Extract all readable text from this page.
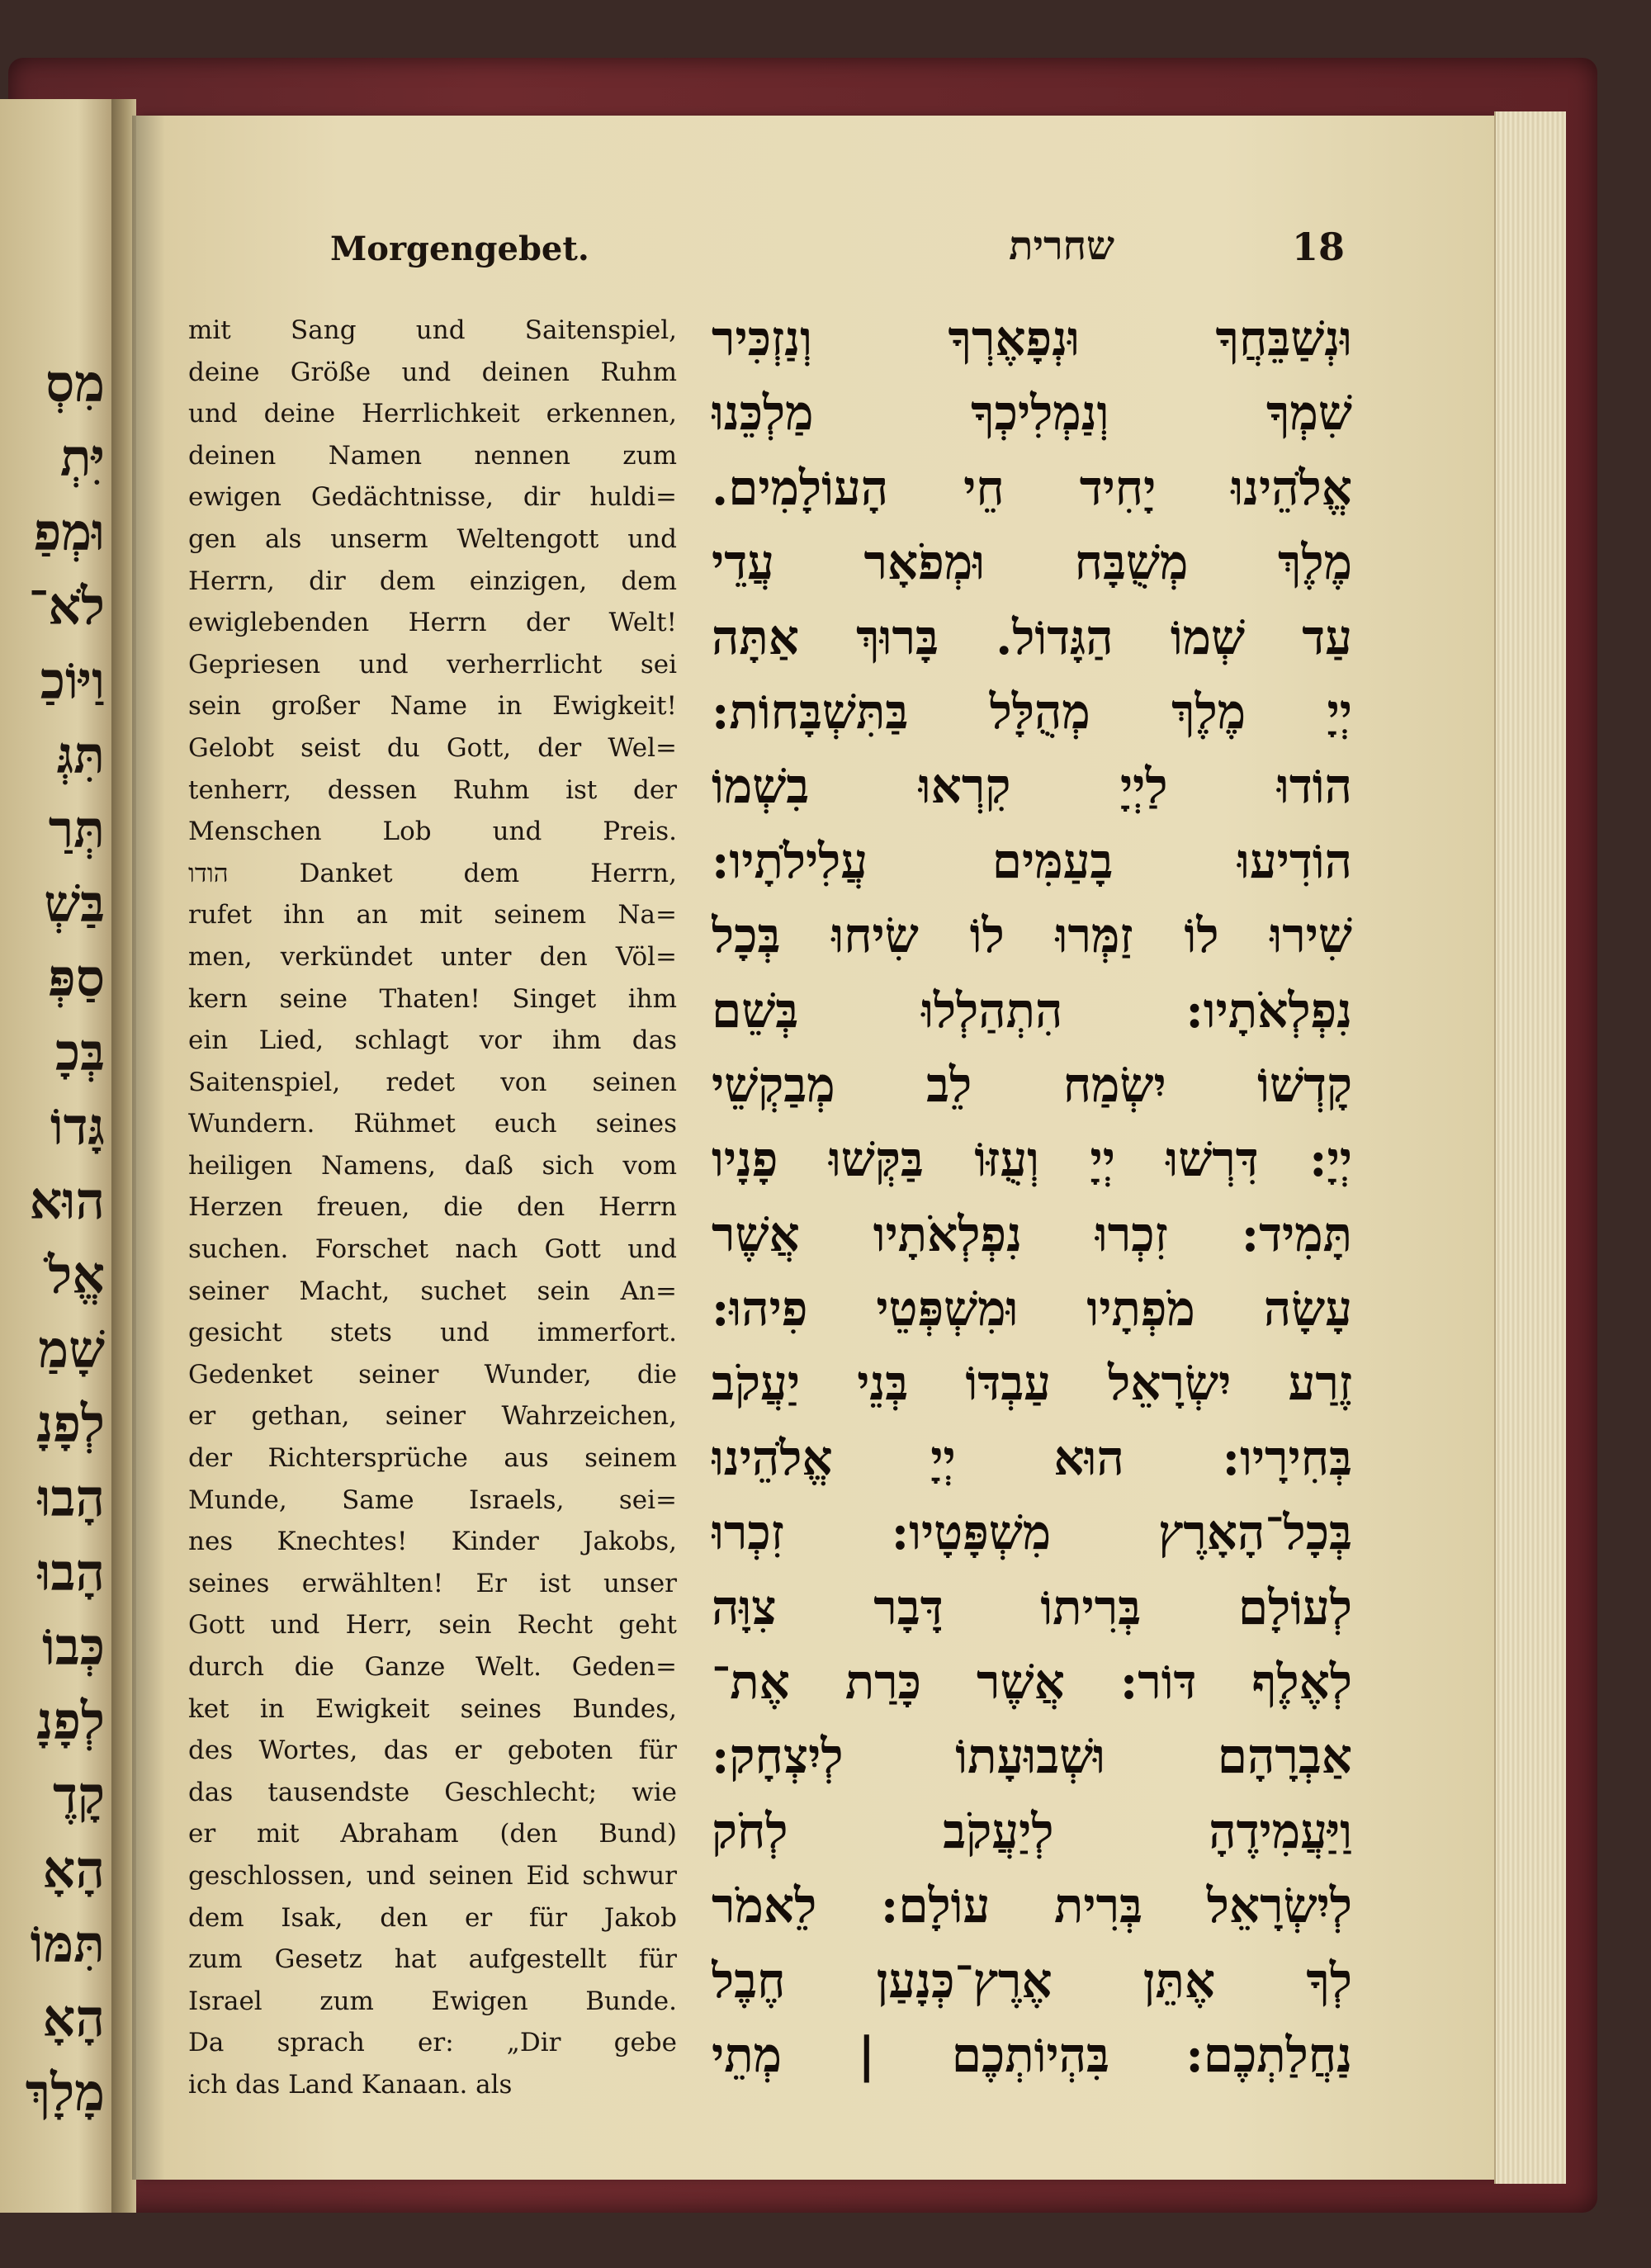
מִסְ
יִּתְ
וּמְפַ
לֹא־
וַיּוֹכַ
תִּגְּ
תְּרַ
בַּשְׁ
סַפְּ
בְּכָ
גָּדוֹ
הוּא
אֱלֹ
שָׁמַ
לְפָנָ
הָבוּ
הָבוּ
כְּבוֹ
לְפָנָ
קָדֶ
הָאָ
תִּמּוֹ
הָאָ
מָלָךְ
Morgengebet.	שחרית	18
mit Sang und Saitenspiel,
deine Größe und deinen Ruhm
und deine Herrlichkeit erkennen,
deinen Namen nennen zum
ewigen Gedächtnisse, dir huldi=
gen als unserm Weltengott und
Herrn, dir dem einzigen, dem
ewiglebenden Herrn der Welt!
Gepriesen und verherrlicht sei
sein großer Name in Ewigkeit!
Gelobt seist du Gott, der Wel=
tenherr, dessen Ruhm ist der
Menschen Lob und Preis.
הודו Danket dem Herrn,
rufet ihn an mit seinem Na=
men, verkündet unter den Völ=
kern seine Thaten! Singet ihm
ein Lied, schlagt vor ihm das
Saitenspiel, redet von seinen
Wundern. Rühmet euch seines
heiligen Namens, daß sich vom
Herzen freuen, die den Herrn
suchen. Forschet nach Gott und
seiner Macht, suchet sein An=
gesicht stets und immerfort.
Gedenket seiner Wunder, die
er gethan, seiner Wahrzeichen,
der Richtersprüche aus seinem
Munde, Same Israels, sei=
nes Knechtes! Kinder Jakobs,
seines erwählten! Er ist unser
Gott und Herr, sein Recht geht
durch die Ganze Welt. Geden=
ket in Ewigkeit seines Bundes,
des Wortes, das er geboten für
das tausendste Geschlecht; wie
er mit Abraham (den Bund)
geschlossen, und seinen Eid schwur
dem Isak, den er für Jakob
zum Gesetz hat aufgestellt für
Israel zum Ewigen Bunde.
Da sprach er: „Dir gebe
ich das Land Kanaan. als
וּנְשַׁבֵּחֲךָ וּנְפָאֶרְךָ וְנַזְכִּיר
שִׁמְךָ וְנַמְלִיכְךָ מַלְכֵּנוּ
אֱלֹהֵינוּ יָחִיד חֵי הָעוֹלָמִים.
מֶלֶךְ מְשֻׁבָּח וּמְפֹאָר עֲדֵי
עַד שְׁמוֹ הַגָּדוֹל. בָּרוּךְ אַתָּה
יְיָ מֶלֶךְ מְהֻלָּל בַּתִּשְׁבָּחוֹת:
הוֹדוּ לַיְיָ קִרְאוּ בִשְׁמוֹ
הוֹדִיעוּ בָעַמִּים עֲלִילֹתָיו:
שִׁירוּ לוֹ זַמְּרוּ לוֹ שִׂיחוּ בְּכָל
נִפְלְאֹתָיו: הִתְהַלְלוּ בְּשֵׁם
קָדְשׁוֹ יִשְׂמַח לֵב מְבַקְשֵׁי
יְיָ: דִּרְשׁוּ יְיָ וְעֻזּוֹ בַּקְּשׁוּ פָנָיו
תָּמִיד: זִכְרוּ נִפְלְאֹתָיו אֲשֶׁר
עָשָׂה מֹפְתָיו וּמִשְׁפְּטֵי פִיהוּ:
זֶרַע יִשְׂרָאֵל עַבְדּוֹ בְּנֵי יַעֲקֹב
בְּחִירָיו: הוּא יְיָ אֱלֹהֵינוּ
בְּכָל־הָאָרֶץ מִשְׁפָּטָיו: זִכְרוּ
לְעוֹלָם בְּרִיתוֹ דָּבָר צִוָּה
לְאֶלֶף דּוֹר: אֲשֶׁר כָּרַת אֶת־
אַבְרָהָם וּשְׁבוּעָתוֹ לְיִצְחָק:
וַיַּעֲמִידֶהָ לְיַעֲקֹב לְחֹק
לְיִשְׂרָאֵל בְּרִית עוֹלָם: לֵאמֹר
לְךָ אֶתֵּן אֶרֶץ־כְּנָעַן חֶבֶל
נַחֲלַתְכֶם: בִּהְיוֹתְכֶם | מְתֵי
